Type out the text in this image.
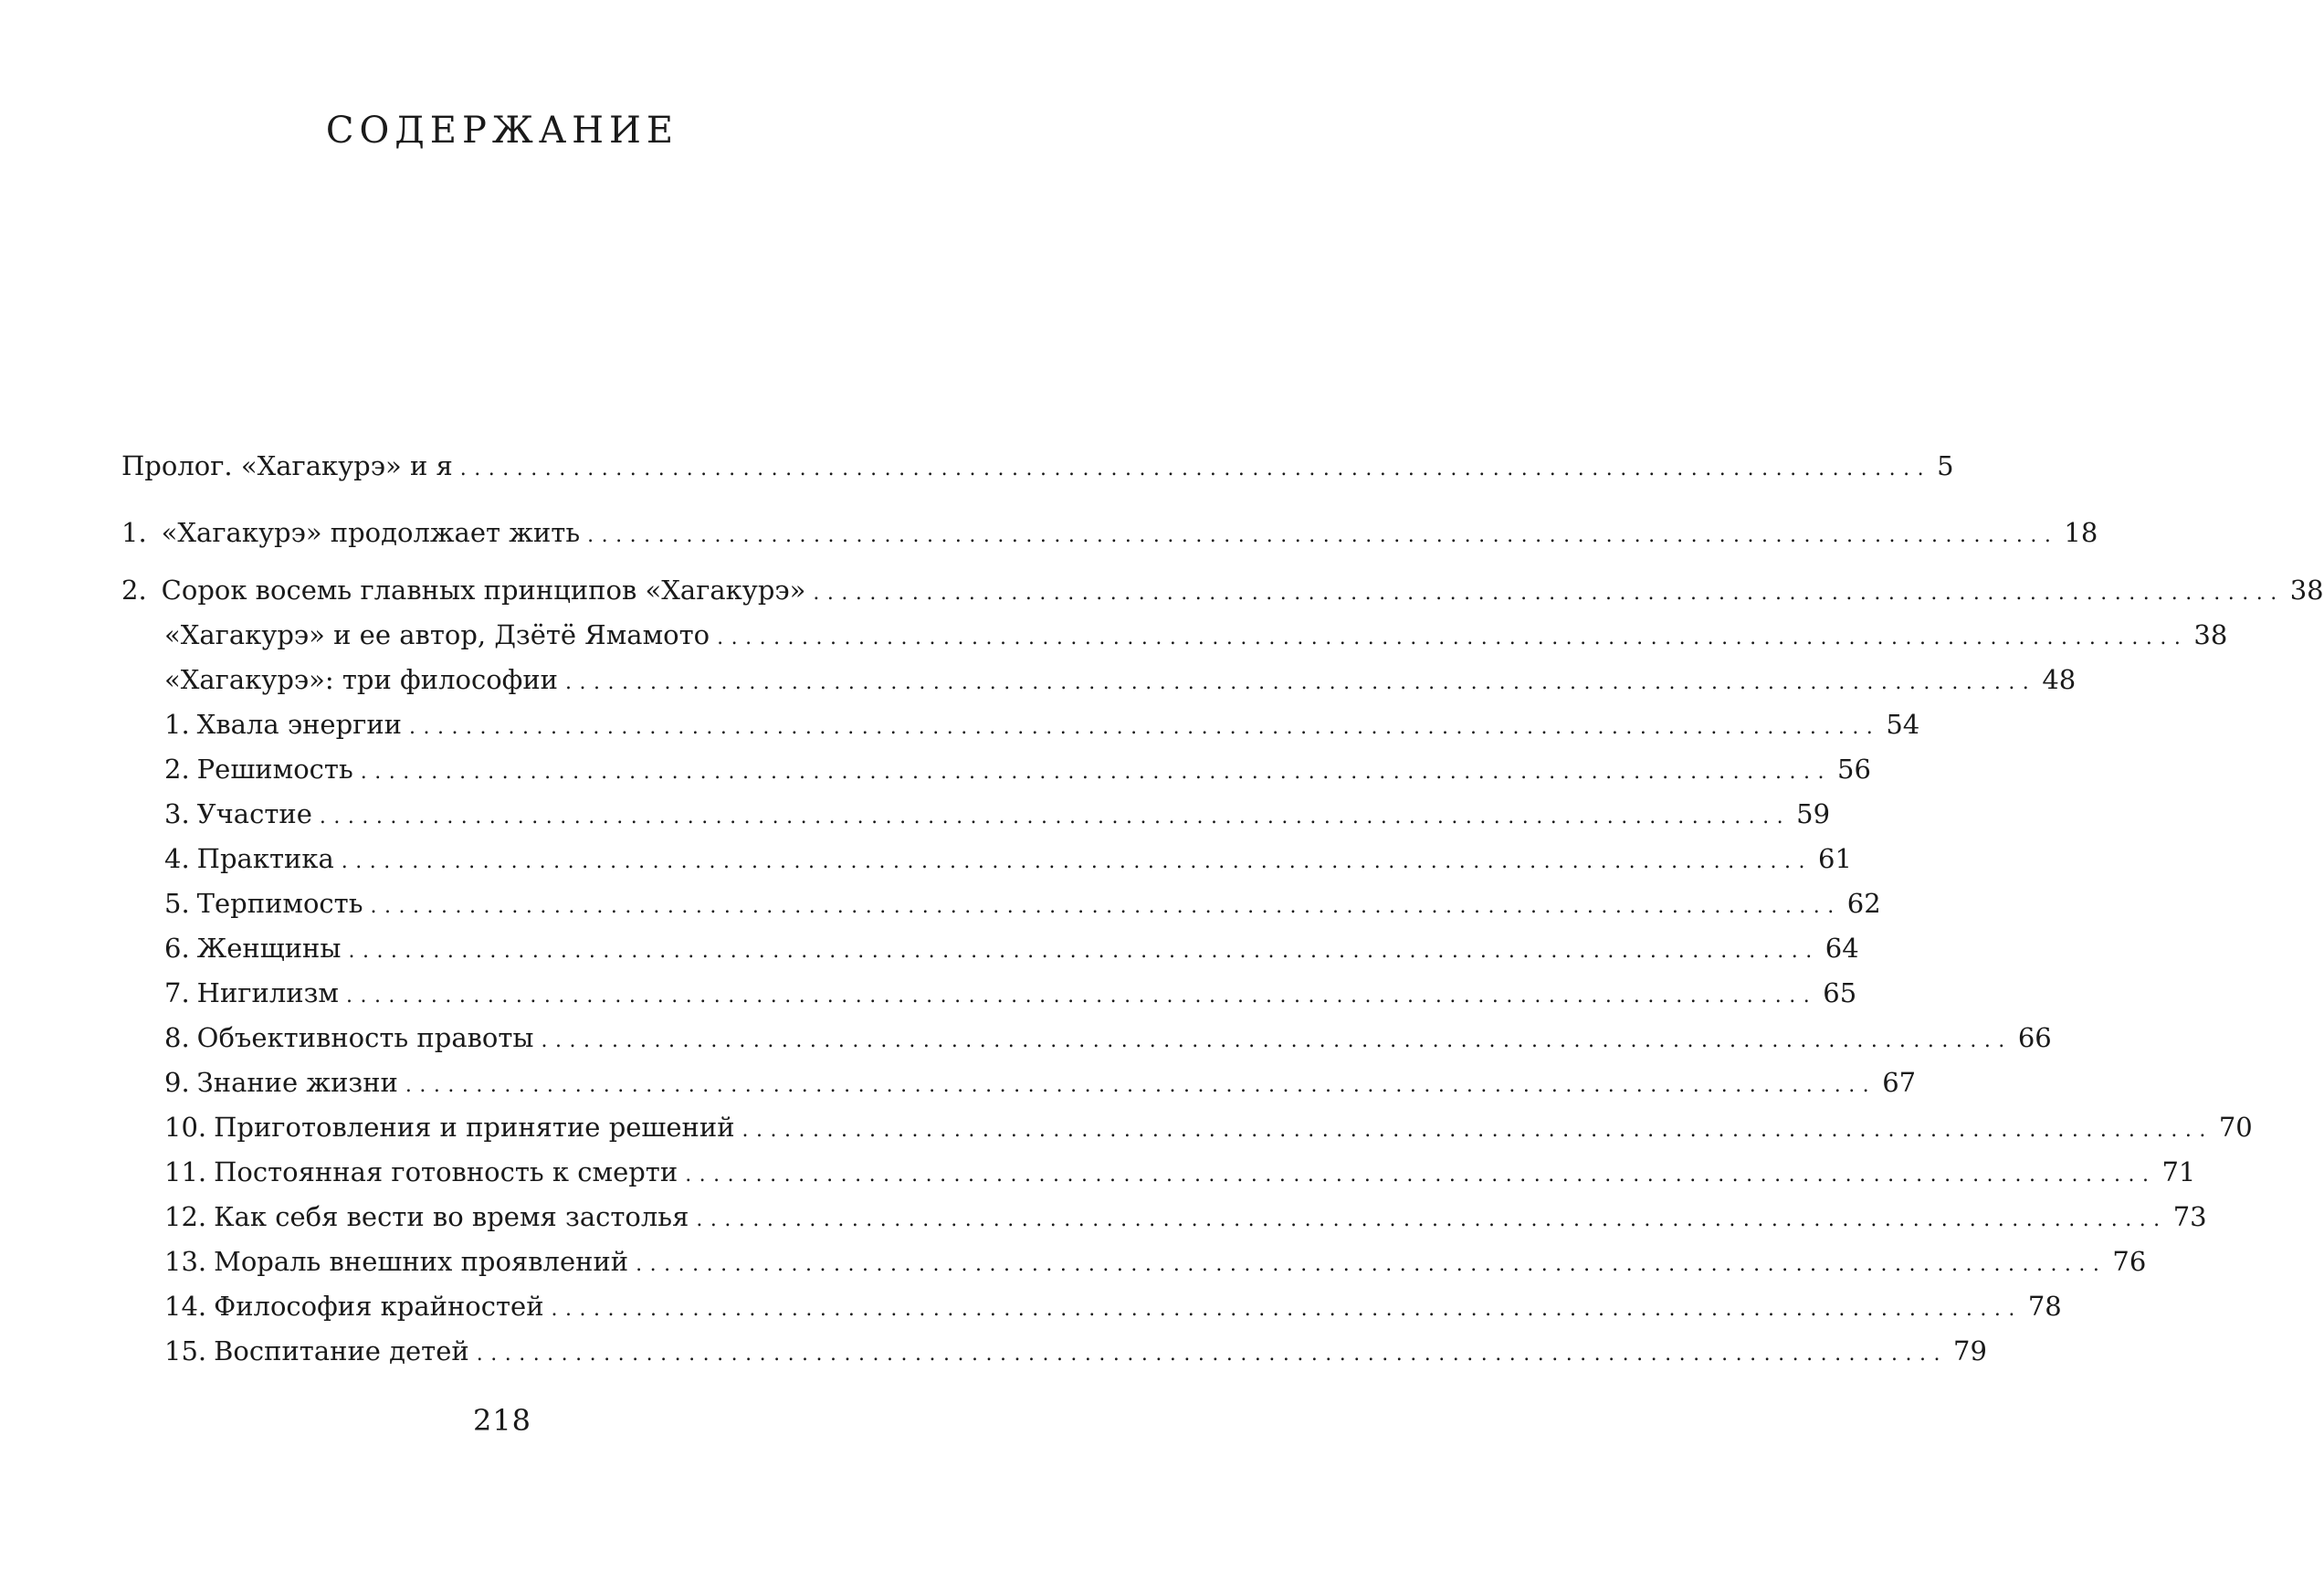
СОДЕРЖАНИЕ
Пролог. «Хагакурэ» и я ........................................................................................................ 5
1. «Хагакурэ» продолжает жить ........................................................................................................ 18
2. Сорок восемь главных принципов «Хагакурэ» ........................................................................................................ 38
«Хагакурэ» и ее автор, Дзётё Ямамото ........................................................................................................ 38
«Хагакурэ»: три философии ........................................................................................................ 48
1. Хвала энергии ........................................................................................................ 54
2. Решимость ........................................................................................................ 56
3. Участие ........................................................................................................ 59
4. Практика ........................................................................................................ 61
5. Терпимость ........................................................................................................ 62
6. Женщины ........................................................................................................ 64
7. Нигилизм ........................................................................................................ 65
8. Объективность правоты ........................................................................................................ 66
9. Знание жизни ........................................................................................................ 67
10. Приготовления и принятие решений ........................................................................................................ 70
11. Постоянная готовность к смерти ........................................................................................................ 71
12. Как себя вести во время застолья ........................................................................................................ 73
13. Мораль внешних проявлений ........................................................................................................ 76
14. Философия крайностей ........................................................................................................ 78
15. Воспитание детей ........................................................................................................ 79
218
